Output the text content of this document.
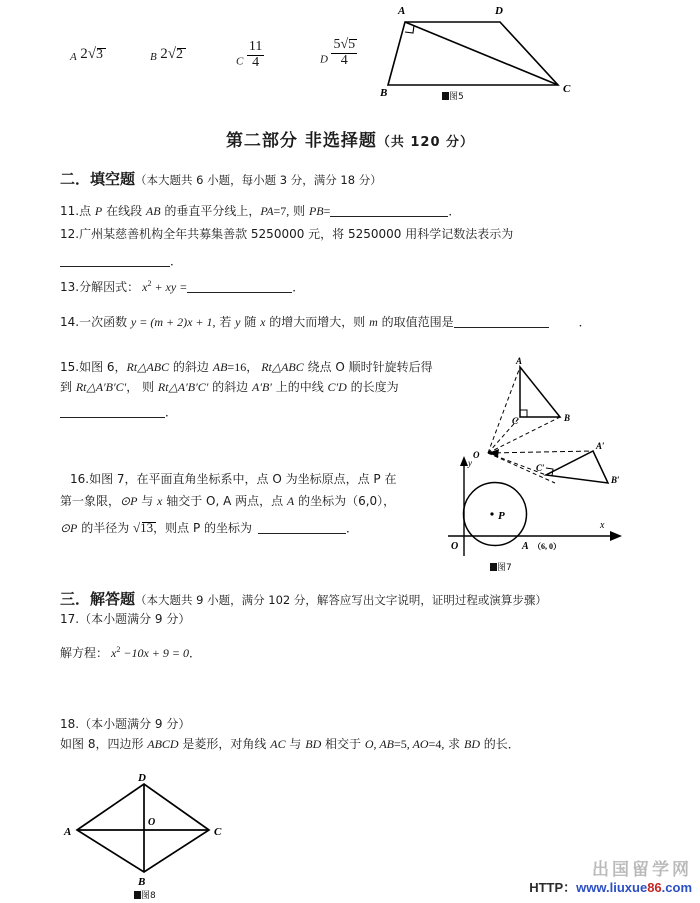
A 2√
3	B 2√
2	$_C \frac{11}{4}$	$_D$ 5√
5
4
A	D
C
B	图5
第二部分 非选择题（共 120 分）
二．填空题（本大题共 6 小题，每小题 3 分，满分 18 分）
11.点 P 在线段 AB 的垂直平分线上，PA=7, 则 PB=	．
12.广州某慈善机构全年共募集善款 5250000 元，将 5250000 用科学记数法表示为
．
13.分解因式： $x^2$ + xy =	．
14.一次函数 y = (m + 2)x + 1, 若 y 随 x 的增大而增大，则 m 的取值范围是	．
15.如图 6，Rt△ABC 的斜边 AB=16， Rt△ABC 绕点 O 顺时针旋转后得
到 Rt△A′B′C′， 则 Rt△A′B′C′ 的斜边 A′B′ 上的中线 C′D 的长度为
．
A
B
C
O
A′
B′
C′
16.如图 7，在平面直角坐标系中，点 O 为坐标原点，点 P 在
第一象限，⊙P 与 x 轴交于 O, A 两点，点 A 的坐标为（6,0），
⊙P 的半径为 √
13，则点 P 的坐标为	．
P
O	A （6, 0）
x
y
图7
三．解答题（本大题共 9 小题，满分 102 分，解答应写出文字说明，证明过程或演算步骤）
17.（本小题满分 9 分）
解方程： $x^2 -10x + 9 = 0$．
18.（本小题满分 9 分）
如图 8，四边形 ABCD 是菱形，对角线 AC 与 BD 相交于 O, AB=5, AO=4, 求 BD 的长．
A
D
C
B
O
图8
出国留学网
HTTP：www.liuxue86.com
